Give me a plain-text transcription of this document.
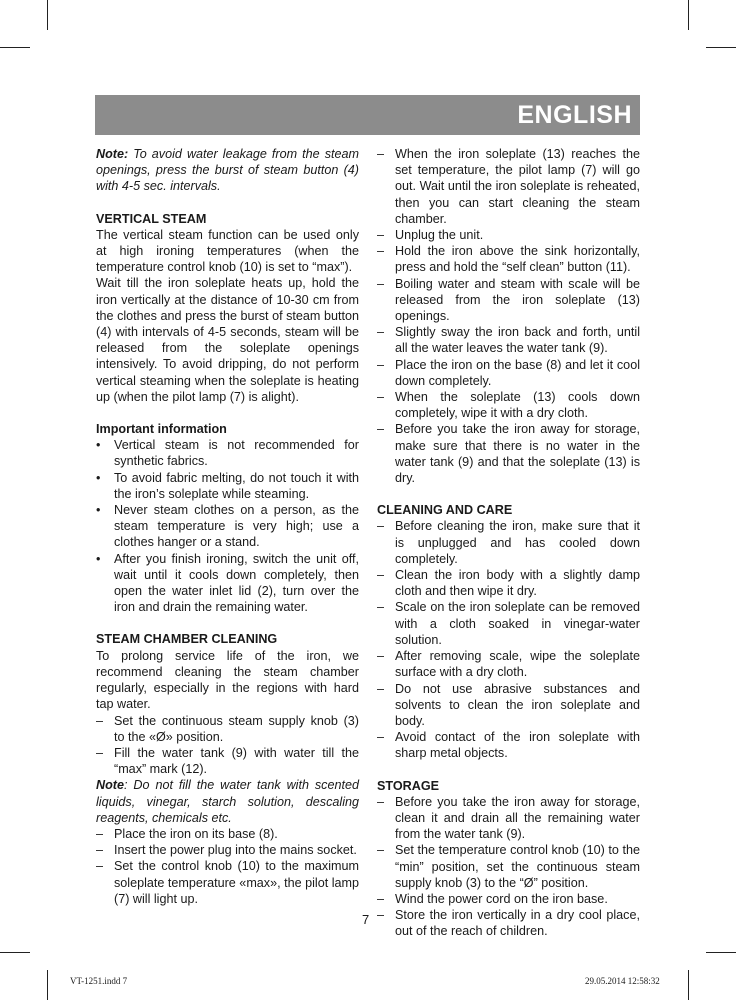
ENGLISH

Note: To avoid water leakage from the steam openings, press the burst of steam button (4) with 4-5 sec. intervals.

VERTICAL STEAM

The vertical steam function can be used only at high ironing temperatures (when the temperature control knob (10) is set to “max”).

Wait till the iron soleplate heats up, hold the iron vertically at the distance of 10-30 cm from the clothes and press the burst of steam button (4) with intervals of 4-5 seconds, steam will be released from the soleplate openings intensively. To avoid dripping, do not perform vertical steaming when the soleplate is heating up (when the pilot lamp (7) is alight).

Important information

•	Vertical steam is not recommended for synthetic fabrics.
•	To avoid fabric melting, do not touch it with the iron’s soleplate while steaming.
•	Never steam clothes on a person, as the steam temperature is very high; use a clothes hanger or a stand.
•	After you finish ironing, switch the unit off, wait until it cools down completely, then open the water inlet lid (2), turn over the iron and drain the remaining water.

STEAM CHAMBER CLEANING

To prolong service life of the iron, we recommend cleaning the steam chamber regularly, especially in the regions with hard tap water.

– Set the continuous steam supply knob (3) to the «Ø» position.
– Fill the water tank (9) with water till the “max” mark (12).

Note: Do not fill the water tank with scented liquids, vinegar, starch solution, descaling reagents, chemicals etc.

– Place the iron on its base (8).
– Insert the power plug into the mains socket.
– Set the control knob (10) to the maximum soleplate temperature «max», the pilot lamp (7) will light up.
– When the iron soleplate (13) reaches the set temperature, the pilot lamp (7) will go out. Wait until the iron soleplate is reheated, then you can start cleaning the steam chamber.
– Unplug the unit.
– Hold the iron above the sink horizontally, press and hold the “self clean” button (11).
– Boiling water and steam with scale will be released from the iron soleplate (13) openings.
– Slightly sway the iron back and forth, until all the water leaves the water tank (9).
– Place the iron on the base (8) and let it cool down completely.
– When the soleplate (13) cools down completely, wipe it with a dry cloth.
– Before you take the iron away for storage, make sure that there is no water in the water tank (9) and that the soleplate (13) is dry.

CLEANING AND CARE

– Before cleaning the iron, make sure that it is unplugged and has cooled down completely.
– Clean the iron body with a slightly damp cloth and then wipe it dry.
– Scale on the iron soleplate can be removed with a cloth soaked in vinegar-water solution.
– After removing scale, wipe the soleplate surface with a dry cloth.
– Do not use abrasive substances and solvents to clean the iron soleplate and body.
– Avoid contact of the iron soleplate with sharp metal objects.

STORAGE

– Before you take the iron away for storage, clean it and drain all the remaining water from the water tank (9).
– Set the temperature control knob (10) to the “min” position, set the continuous steam supply knob (3) to the “Ø” position.
– Wind the power cord on the iron base.
– Store the iron vertically in a dry cool place, out of the reach of children.
7
VT-1251.indd 7	29.05.2014 12:58:32
